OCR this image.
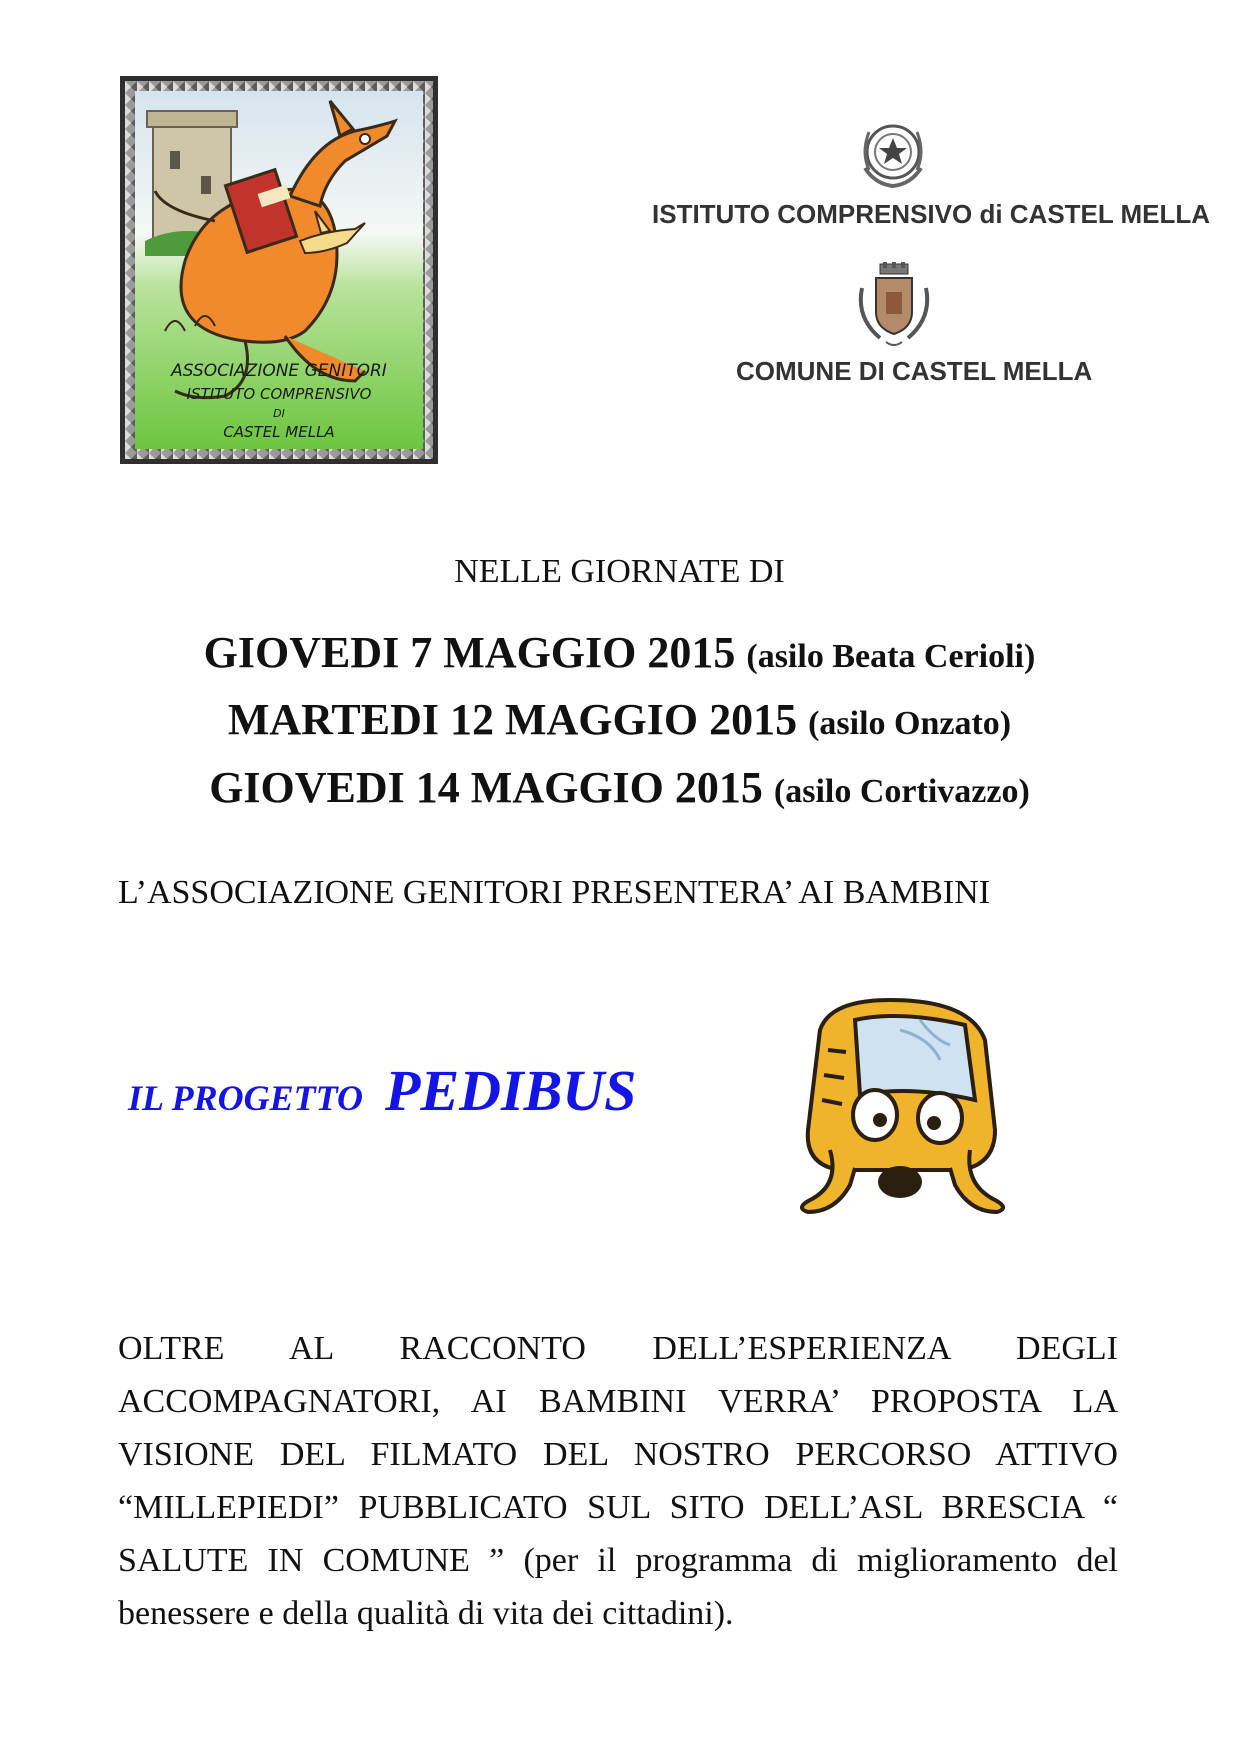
ASSOCIAZIONE GENITORI
ISTITUTO COMPRENSIVO
DI
CASTEL MELLA

ISTITUTO COMPRENSIVO di CASTEL MELLA

COMUNE DI CASTEL MELLA

NELLE GIORNATE DI

GIOVEDI 7 MAGGIO 2015 (asilo Beata Cerioli)

MARTEDI 12 MAGGIO 2015 (asilo Onzato)

GIOVEDI 14 MAGGIO 2015 (asilo Cortivazzo)

L’ASSOCIAZIONE GENITORI PRESENTERA’ AI BAMBINI

IL PROGETTO PEDIBUS

OLTRE AL RACCONTO DELL’ESPERIENZA DEGLI ACCOMPAGNATORI, AI BAMBINI VERRA’ PROPOSTA LA VISIONE DEL FILMATO DEL NOSTRO PERCORSO ATTIVO “MILLEPIEDI” PUBBLICATO SUL SITO DELL’ASL BRESCIA “ SALUTE IN COMUNE ” (per il programma di miglioramento del benessere e della qualità di vita dei cittadini).
